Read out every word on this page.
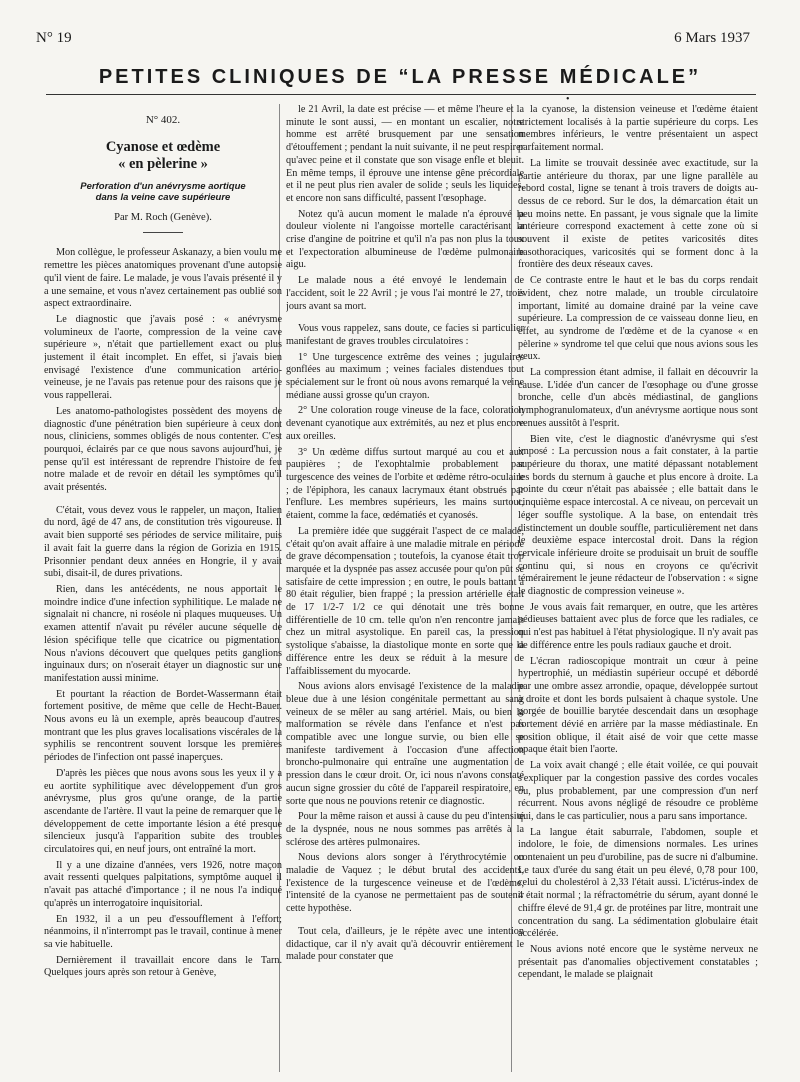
N° 19	6 Mars 1937
PETITES CLINIQUES DE “LA PRESSE MÉDICALE”
•
N° 402.
Cyanose et œdème
« en pèlerine »
Perforation d'un anévrysme aortique
dans la veine cave supérieure
Par M. Roch (Genève).

Mon collègue, le professeur Askanazy, a bien voulu me remettre les pièces anatomiques provenant d'une autopsie qu'il vient de faire. Le malade, je vous l'avais présenté il y a une semaine, et vous n'avez certainement pas oublié son aspect extraordinaire.

Le diagnostic que j'avais posé : « anévrysme volumineux de l'aorte, compression de la veine cave supérieure », n'était que partiellement exact ou plus justement il était incomplet. En effet, si j'avais bien envisagé l'existence d'une communication artério-veineuse, je ne l'avais pas retenue pour des raisons que je vous rappellerai.

Les anatomo-pathologistes possèdent des moyens de diagnostic d'une pénétration bien supérieure à ceux dont nous, cliniciens, sommes obligés de nous contenter. C'est pourquoi, éclairés par ce que nous savons aujourd'hui, je pense qu'il est intéressant de reprendre l'histoire de feu notre malade et de revoir en détail les symptômes qu'il avait présentés.

C'était, vous devez vous le rappeler, un maçon, Italien du nord, âgé de 47 ans, de constitution très vigoureuse. Il avait bien supporté ses périodes de service militaire, puis il avait fait la guerre dans la région de Gorizia en 1915. Prisonnier pendant deux années en Hongrie, il y avait subi, disait-il, de dures privations.

Rien, dans les antécédents, ne nous apportait le moindre indice d'une infection syphilitique. Le malade ne signalait ni chancre, ni roséole ni plaques muqueuses. Un examen attentif n'avait pu révéler aucune séquelle de lésion spécifique telle que cicatrice ou pigmentation. Nous n'avions découvert que quelques petits ganglions inguinaux durs; on n'oserait étayer un diagnostic sur une manifestation aussi minime.

Et pourtant la réaction de Bordet-Wassermann était fortement positive, de même que celle de Hecht-Bauer. Nous avons eu là un exemple, après beaucoup d'autres, montrant que les plus graves localisations viscérales de la syphilis se rencontrent souvent lorsque les premières périodes de l'infection ont passé inaperçues.

D'après les pièces que nous avons sous les yeux il y a eu aortite syphilitique avec développement d'un gros anévrysme, plus gros qu'une orange, de la partie ascendante de l'artère. Il vaut la peine de remarquer que le développement de cette importante lésion a été presque silencieux jusqu'à l'apparition subite des troubles circulatoires qui, en neuf jours, ont entraîné la mort.

Il y a une dizaine d'années, vers 1926, notre maçon avait ressenti quelques palpitations, symptôme auquel il n'avait pas attaché d'importance ; il ne nous l'a indiqué qu'après un interrogatoire inquisitorial.

En 1932, il a un peu d'essoufflement à l'effort; néanmoins, il n'interrompt pas le travail, continue à mener sa vie habituelle.

Dernièrement il travaillait encore dans le Tarn. Quelques jours après son retour à Genève,

le 21 Avril, la date est précise — et même l'heure et la minute le sont aussi, — en montant un escalier, notre homme est arrêté brusquement par une sensation d'étouffement ; pendant la nuit suivante, il ne peut respirer qu'avec peine et il constate que son visage enfle et bleuit. En même temps, il éprouve une intense gêne précordiale et il ne peut plus rien avaler de solide ; seuls les liquides, et encore non sans difficulté, passent l'œsophage.

Notez qu'à aucun moment le malade n'a éprouvé la douleur violente ni l'angoisse mortelle caractérisant la crise d'angine de poitrine et qu'il n'a pas non plus la toux et l'expectoration albumineuse de l'œdème pulmonaire aigu.

Le malade nous a été envoyé le lendemain de l'accident, soit le 22 Avril ; je vous l'ai montré le 27, trois jours avant sa mort.

Vous vous rappelez, sans doute, ce facies si particulier manifestant de graves troubles circulatoires :

1° Une turgescence extrême des veines ; jugulaires gonflées au maximum ; veines faciales distendues tout spécialement sur le front où nous avons remarqué la veine médiane aussi grosse qu'un crayon.

2° Une coloration rouge vineuse de la face, coloration devenant cyanotique aux extrémités, au nez et plus encore aux oreilles.

3° Un œdème diffus surtout marqué au cou et aux paupières ; de l'exophtalmie probablement par turgescence des veines de l'orbite et œdème rétro-oculaire ; de l'épiphora, les canaux lacrymaux étant obstrués par l'enflure. Les membres supérieurs, les mains surtout, étaient, comme la face, œdématiés et cyanosés.

La première idée que suggérait l'aspect de ce malade, c'était qu'on avait affaire à une maladie mitrale en période de grave décompensation ; toutefois, la cyanose était trop marquée et la dyspnée pas assez accusée pour qu'on pût se satisfaire de cette impression ; en outre, le pouls battant à 80 était régulier, bien frappé ; la pression artérielle était de 17 1/2-7 1/2 ce qui dénotait une très bonne différentielle de 10 cm. telle qu'on n'en rencontre jamais chez un mitral asystolique. En pareil cas, la pression systolique s'abaisse, la diastolique monte en sorte que la différence entre les deux se réduit à la mesure de l'affaiblissement du myocarde.

Nous avions alors envisagé l'existence de la maladie bleue due à une lésion congénitale permettant au sang veineux de se mêler au sang artériel. Mais, ou bien la malformation se révèle dans l'enfance et n'est pas compatible avec une longue survie, ou bien elle se manifeste tardivement à l'occasion d'une affection broncho-pulmonaire qui entraîne une augmentation de pression dans le cœur droit. Or, ici nous n'avons constaté aucun signe grossier du côté de l'appareil respiratoire, en sorte que nous ne pouvions retenir ce diagnostic.

Pour la même raison et aussi à cause du peu d'intensité de la dyspnée, nous ne nous sommes pas arrêtés à la sclérose des artères pulmonaires.

Nous devions alors songer à l'érythrocytémie ou maladie de Vaquez ; le début brutal des accidents, l'existence de la turgescence veineuse et de l'œdème, l'intensité de la cyanose ne permettaient pas de soutenir cette hypothèse.

Tout cela, d'ailleurs, je le répète avec une intention didactique, car il n'y avait qu'à découvrir entièrement le malade pour constater que

la cyanose, la distension veineuse et l'œdème étaient strictement localisés à la partie supérieure du corps. Les membres inférieurs, le ventre présentaient un aspect parfaitement normal.

La limite se trouvait dessinée avec exactitude, sur la partie antérieure du thorax, par une ligne parallèle au rebord costal, ligne se tenant à trois travers de doigts au-dessus de ce rebord. Sur le dos, la démarcation était un peu moins nette. En passant, je vous signale que la limite antérieure correspond exactement à cette zone où si souvent il existe de petites varicosités dites basothoraciques, varicosités qui se forment donc à la frontière des deux réseaux caves.

Ce contraste entre le haut et le bas du corps rendait évident, chez notre malade, un trouble circulatoire important, limité au domaine drainé par la veine cave supérieure. La compression de ce vaisseau donne lieu, en effet, au syndrome de l'œdème et de la cyanose « en pèlerine » syndrome tel que celui que nous avions sous les yeux.

La compression étant admise, il fallait en découvrir la cause. L'idée d'un cancer de l'œsophage ou d'une grosse bronche, celle d'un abcès médiastinal, de ganglions lymphogranulomateux, d'un anévrysme aortique nous sont venues aussitôt à l'esprit.

Bien vite, c'est le diagnostic d'anévrysme qui s'est imposé : La percussion nous a fait constater, à la partie supérieure du thorax, une matité dépassant notablement les bords du sternum à gauche et plus encore à droite. La pointe du cœur n'était pas abaissée ; elle battait dans le cinquième espace intercostal. A ce niveau, on percevait un léger souffle systolique. A la base, on entendait très distinctement un double souffle, particulièrement net dans le deuxième espace intercostal droit. Dans la région cervicale inférieure droite se produisait un bruit de souffle continu qui, si nous en croyons ce qu'écrivit témérairement le jeune rédacteur de l'observation : « signe le diagnostic de compression veineuse ».

Je vous avais fait remarquer, en outre, que les artères pédieuses battaient avec plus de force que les radiales, ce qui n'est pas habituel à l'état physiologique. Il n'y avait pas de différence entre les pouls radiaux gauche et droit.

L'écran radioscopique montrait un cœur à peine hypertrophié, un médiastin supérieur occupé et débordé par une ombre assez arrondie, opaque, développée surtout à droite et dont les bords pulsaient à chaque systole. Une gorgée de bouillie barytée descendait dans un œsophage fortement dévié en arrière par la masse médiastinale. En position oblique, il était aisé de voir que cette masse opaque était bien l'aorte.

La voix avait changé ; elle était voilée, ce qui pouvait s'expliquer par la congestion passive des cordes vocales ou, plus probablement, par une compression d'un nerf récurrent. Nous avons négligé de résoudre ce problème qui, dans le cas particulier, nous a paru sans importance.

La langue était saburrale, l'abdomen, souple et indolore, le foie, de dimensions normales. Les urines contenaient un peu d'urobiline, pas de sucre ni d'albumine. Le taux d'urée du sang était un peu élevé, 0,78 pour 100, celui du cholestérol à 2,33 l'était aussi. L'ictérus-index de 4 était normal ; la réfractométrie du sérum, ayant donné le chiffre élevé de 91,4 gr. de protéines par litre, montrait une concentration du sang. La sédimentation globulaire était accélérée.

Nous avions noté encore que le système nerveux ne présentait pas d'anomalies objectivement constatables ; cependant, le malade se plaignait
